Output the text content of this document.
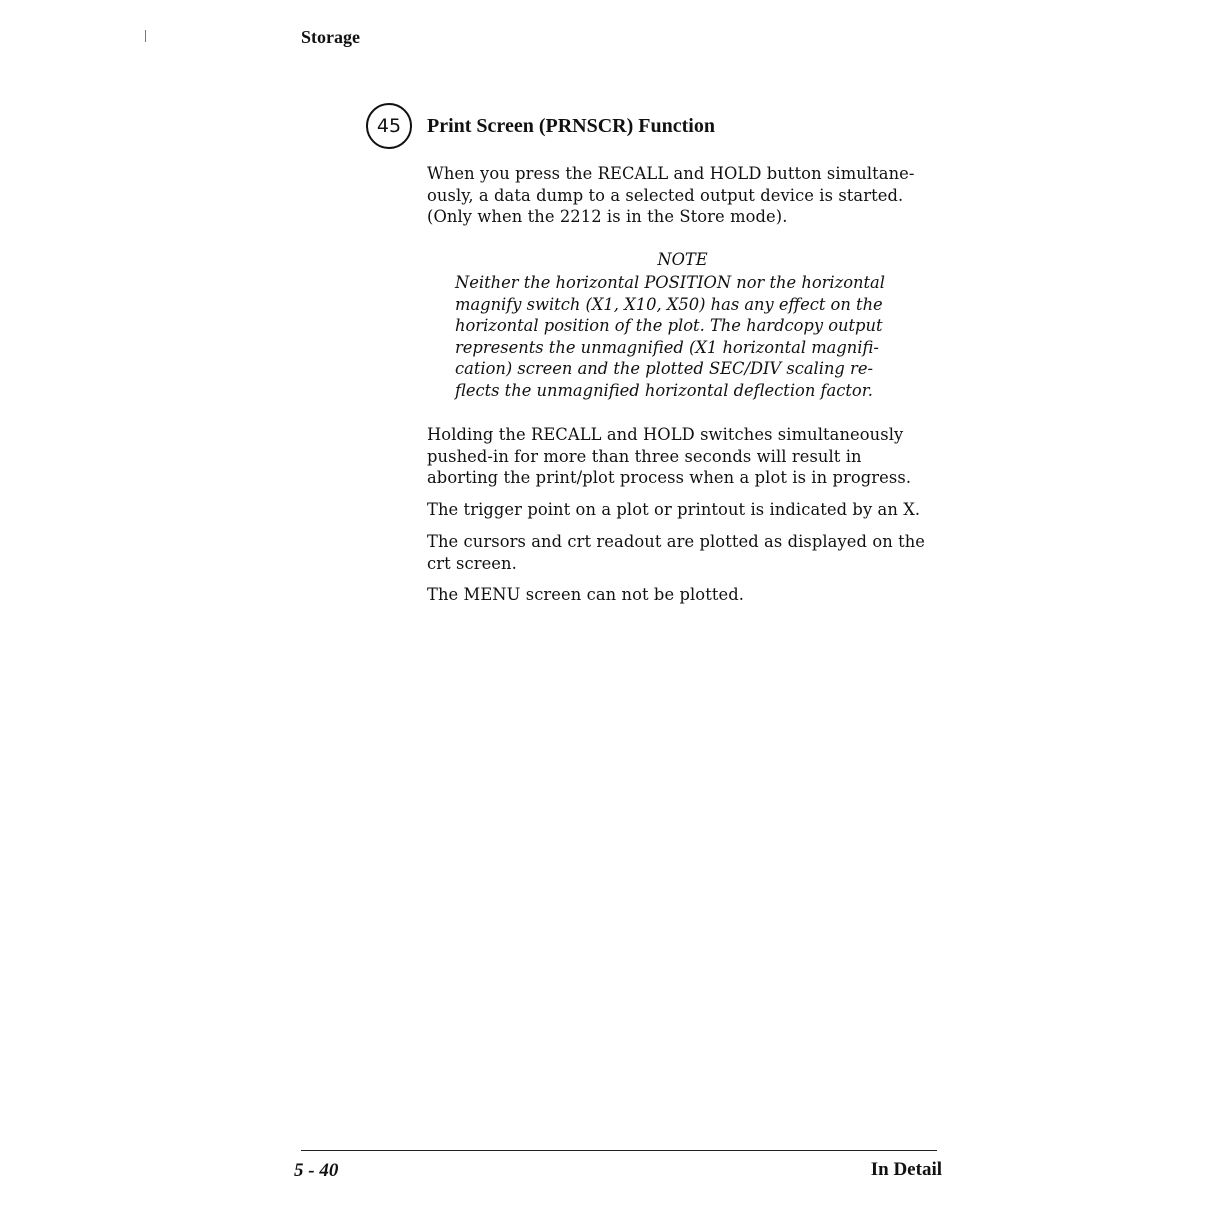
Storage
45 Print Screen (PRNSCR) Function

When you press the RECALL and HOLD button simultane-
ously, a data dump to a selected output device is started.
(Only when the 2212 is in the Store mode).

NOTE

Neither the horizontal POSITION nor the horizontal
magnify switch (X1, X10, X50) has any effect on the
horizontal position of the plot. The hardcopy output
represents the unmagnified (X1 horizontal magnifi-
cation) screen and the plotted SEC/DIV scaling re-
flects the unmagnified horizontal deflection factor.

Holding the RECALL and HOLD switches simultaneously
pushed-in for more than three seconds will result in
aborting the print/plot process when a plot is in progress.

The trigger point on a plot or printout is indicated by an X.

The cursors and crt readout are plotted as displayed on the
crt screen.

The MENU screen can not be plotted.

5 - 40	In Detail
